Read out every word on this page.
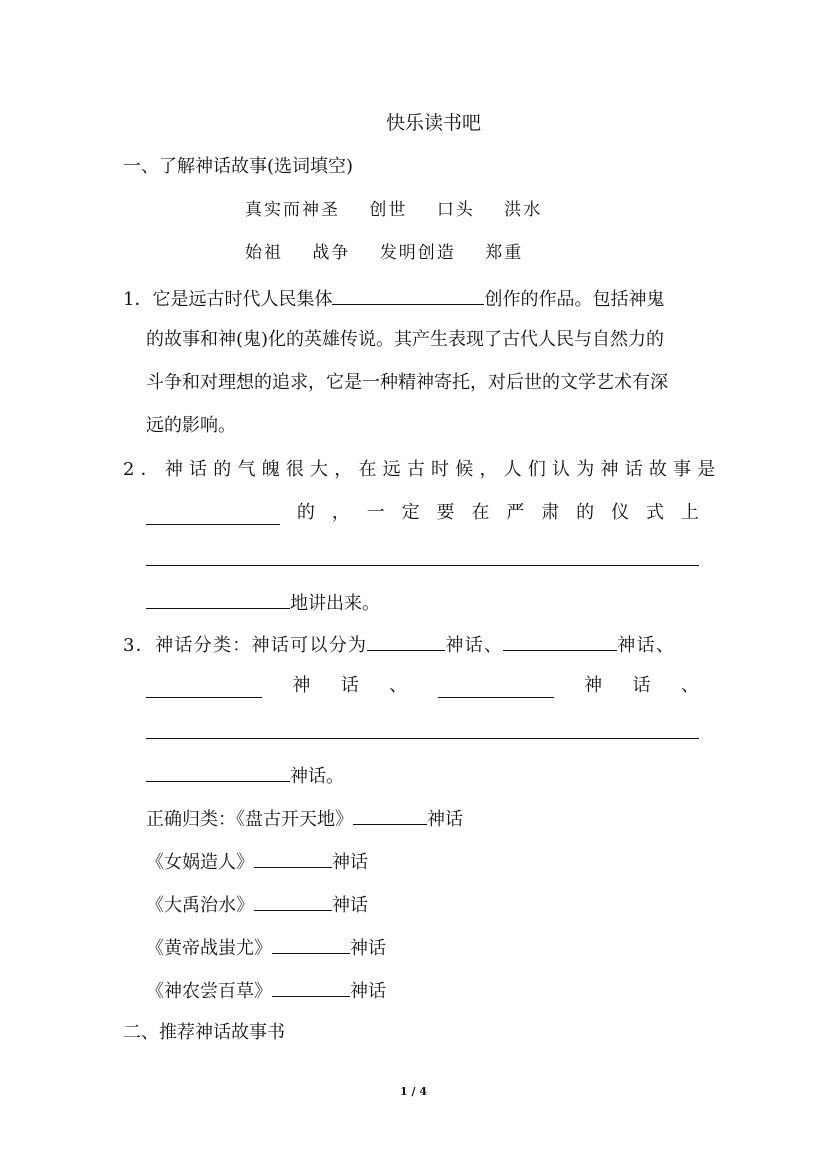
快乐读书吧
一、了解神话故事(选词填空)
真实而神圣 创世 口头 洪水
始祖 战争 发明创造 郑重
1．它是远古时代人民集体	创作的作品。包括神鬼
的故事和神(鬼)化的英雄传说。其产生表现了古代人民与自然力的
斗争和对理想的追求，它是一种精神寄托，对后世的文学艺术有深
远的影响。
2．神话的气魄很大，在远古时候，人们认为神话故事是
的 ， 一 定 要 在 严 肃 的 仪 式 上
地讲出来。
3．神话分类：神话可以分为	神话、	神话、
神 话 、	神 话 、
神话。
正确归类：《盘古开天地》	神话
《女娲造人》	神话
《大禹治水》	神话
《黄帝战蚩尤》	神话
《神农尝百草》	神话
二、推荐神话故事书
1 / 4
